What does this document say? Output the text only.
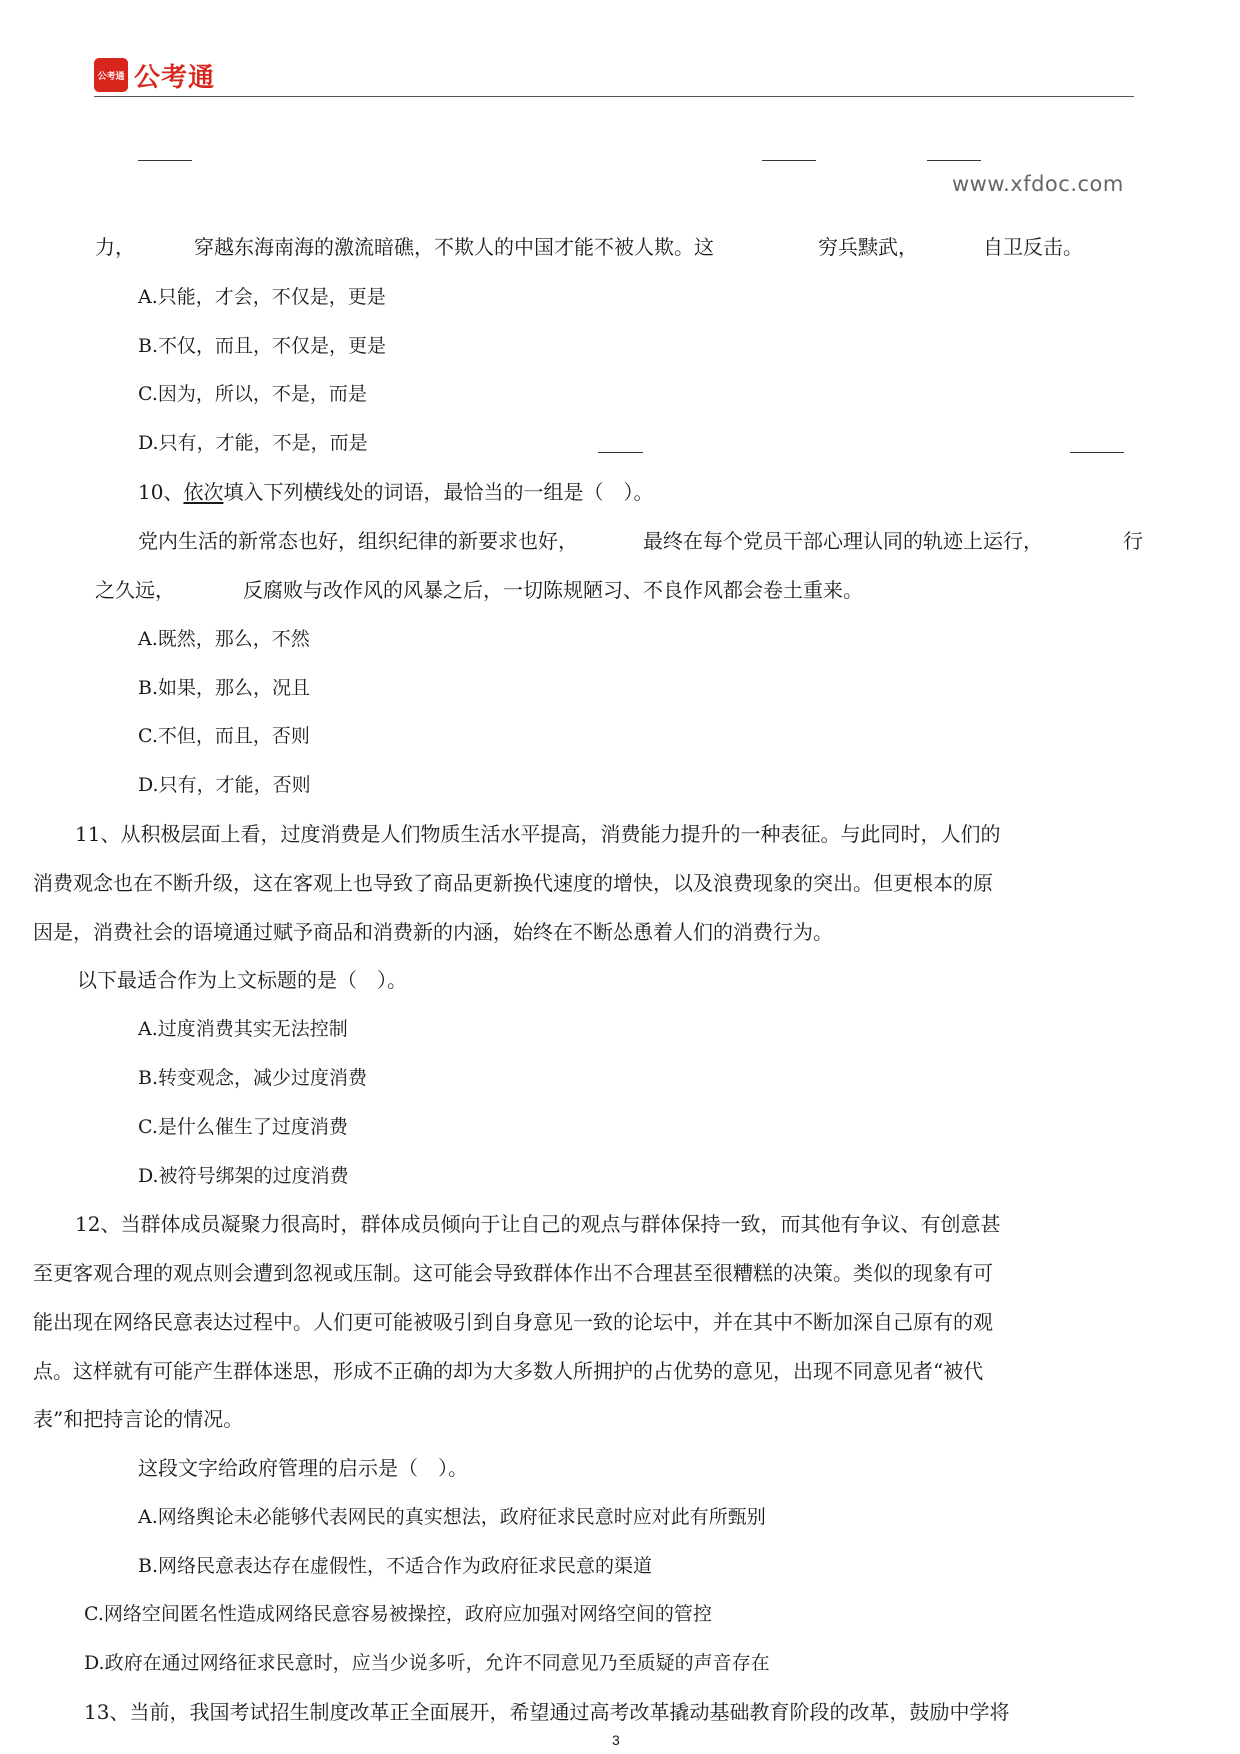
公考通 公考通
www.xfdoc.com
力，	穿越东海南海的激流暗礁，不欺人的中国才能不被人欺。这	穷兵黩武，	自卫反击。
A.只能，才会，不仅是，更是
B.不仅，而且，不仅是，更是
C.因为，所以，不是，而是
D.只有，才能，不是，而是
10、依次填入下列横线处的词语，最恰当的一组是（　）。
党内生活的新常态也好，组织纪律的新要求也好，	最终在每个党员干部心理认同的轨迹上运行，	行
之久远，	反腐败与改作风的风暴之后，一切陈规陋习、不良作风都会卷土重来。
A.既然，那么，不然
B.如果，那么，况且
C.不但，而且，否则
D.只有，才能，否则
11、从积极层面上看，过度消费是人们物质生活水平提高，消费能力提升的一种表征。与此同时，人们的
消费观念也在不断升级，这在客观上也导致了商品更新换代速度的增快，以及浪费现象的突出。但更根本的原
因是，消费社会的语境通过赋予商品和消费新的内涵，始终在不断怂恿着人们的消费行为。
以下最适合作为上文标题的是（　）。
A.过度消费其实无法控制
B.转变观念，减少过度消费
C.是什么催生了过度消费
D.被符号绑架的过度消费
12、当群体成员凝聚力很高时，群体成员倾向于让自己的观点与群体保持一致，而其他有争议、有创意甚
至更客观合理的观点则会遭到忽视或压制。这可能会导致群体作出不合理甚至很糟糕的决策。类似的现象有可
能出现在网络民意表达过程中。人们更可能被吸引到自身意见一致的论坛中，并在其中不断加深自己原有的观
点。这样就有可能产生群体迷思，形成不正确的却为大多数人所拥护的占优势的意见，出现不同意见者“被代
表”和把持言论的情况。
这段文字给政府管理的启示是（　）。
A.网络舆论未必能够代表网民的真实想法，政府征求民意时应对此有所甄别
B.网络民意表达存在虚假性，不适合作为政府征求民意的渠道
C.网络空间匿名性造成网络民意容易被操控，政府应加强对网络空间的管控
D.政府在通过网络征求民意时，应当少说多听，允许不同意见乃至质疑的声音存在
13、当前，我国考试招生制度改革正全面展开，希望通过高考改革撬动基础教育阶段的改革，鼓励中学将
3
